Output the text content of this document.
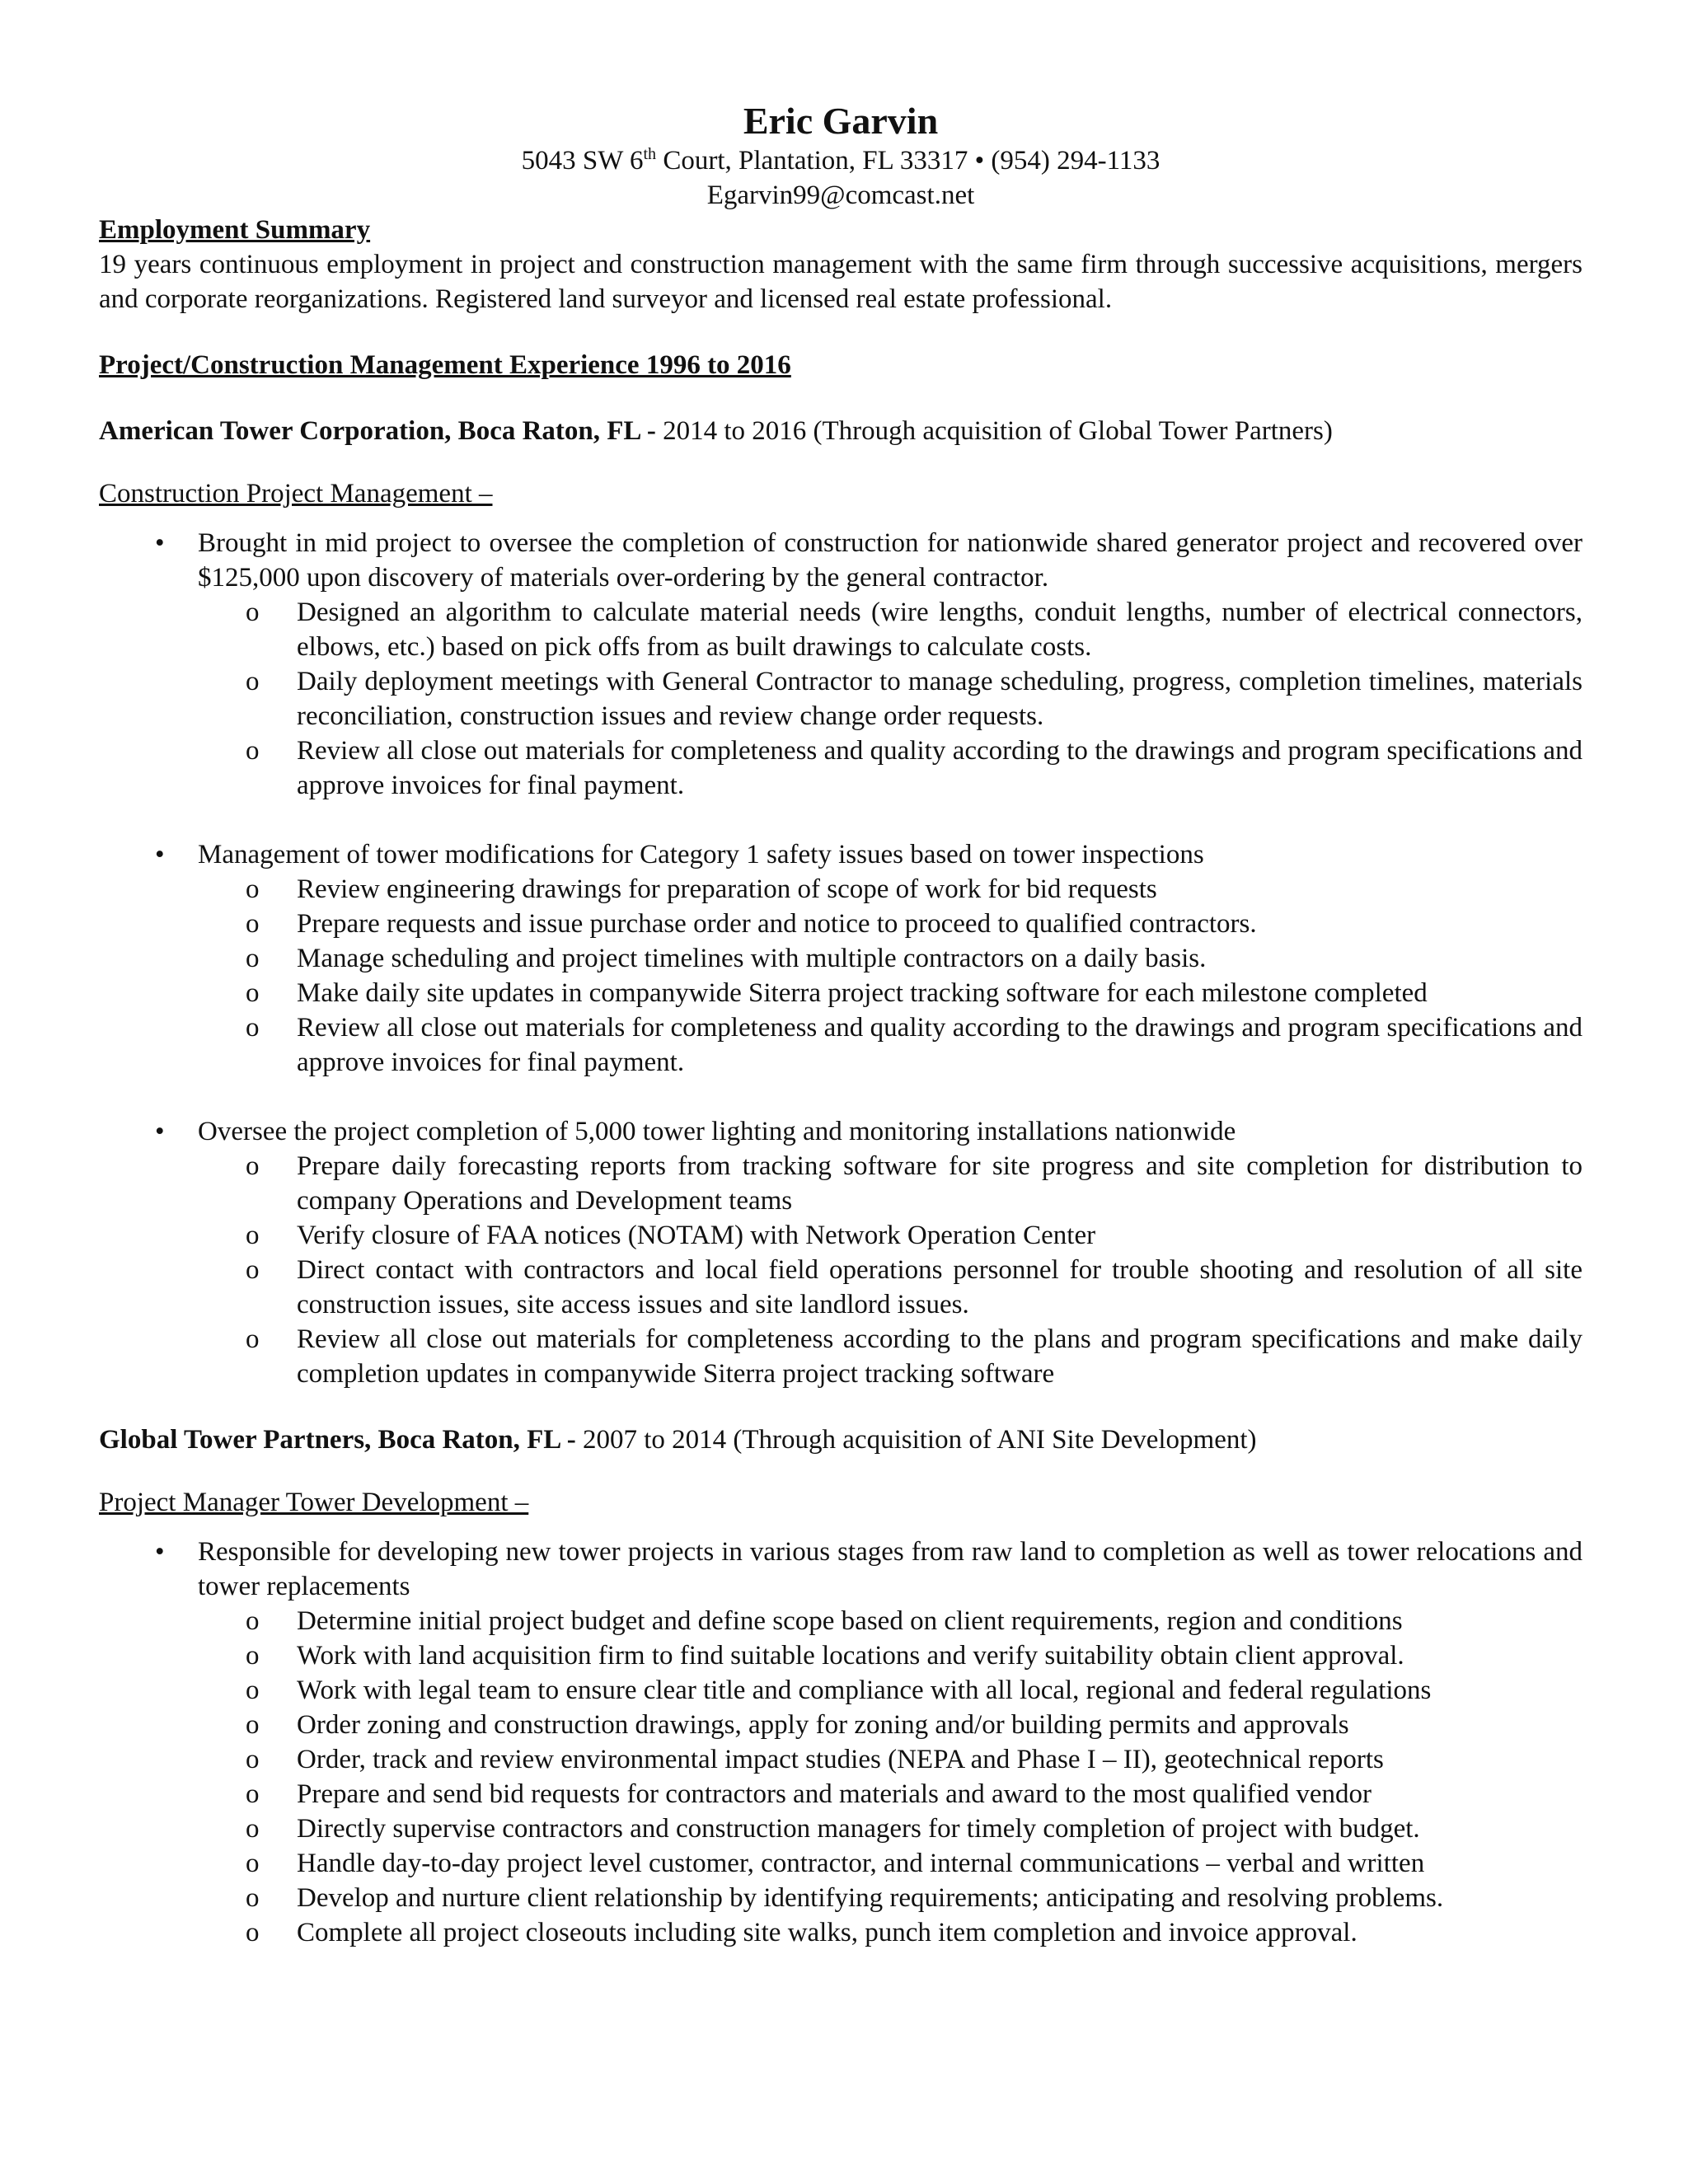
Eric Garvin
5043 SW 6th Court, Plantation, FL 33317 • (954) 294-1133
Egarvin99@comcast.net
Employment Summary
19 years continuous employment in project and construction management with the same firm through successive acquisitions, mergers and corporate reorganizations. Registered land surveyor and licensed real estate professional.
Project/Construction Management Experience 1996 to 2016
American Tower Corporation, Boca Raton, FL - 2014 to 2016 (Through acquisition of Global Tower Partners)
Construction Project Management –
• Brought in mid project to oversee the completion of construction for nationwide shared generator project and recovered over $125,000 upon discovery of materials over-ordering by the general contractor.
o Designed an algorithm to calculate material needs (wire lengths, conduit lengths, number of electrical connectors, elbows, etc.) based on pick offs from as built drawings to calculate costs.
o Daily deployment meetings with General Contractor to manage scheduling, progress, completion timelines, materials reconciliation, construction issues and review change order requests.
o Review all close out materials for completeness and quality according to the drawings and program specifications and approve invoices for final payment.
• Management of tower modifications for Category 1 safety issues based on tower inspections
o Review engineering drawings for preparation of scope of work for bid requests
o Prepare requests and issue purchase order and notice to proceed to qualified contractors.
o Manage scheduling and project timelines with multiple contractors on a daily basis.
o Make daily site updates in companywide Siterra project tracking software for each milestone completed
o Review all close out materials for completeness and quality according to the drawings and program specifications and approve invoices for final payment.
• Oversee the project completion of 5,000 tower lighting and monitoring installations nationwide
o Prepare daily forecasting reports from tracking software for site progress and site completion for distribution to company Operations and Development teams
o Verify closure of FAA notices (NOTAM) with Network Operation Center
o Direct contact with contractors and local field operations personnel for trouble shooting and resolution of all site construction issues, site access issues and site landlord issues.
o Review all close out materials for completeness according to the plans and program specifications and make daily completion updates in companywide Siterra project tracking software
Global Tower Partners, Boca Raton, FL - 2007 to 2014 (Through acquisition of ANI Site Development)
Project Manager Tower Development –
• Responsible for developing new tower projects in various stages from raw land to completion as well as tower relocations and tower replacements
o Determine initial project budget and define scope based on client requirements, region and conditions
o Work with land acquisition firm to find suitable locations and verify suitability obtain client approval.
o Work with legal team to ensure clear title and compliance with all local, regional and federal regulations
o Order zoning and construction drawings, apply for zoning and/or building permits and approvals
o Order, track and review environmental impact studies (NEPA and Phase I – II), geotechnical reports
o Prepare and send bid requests for contractors and materials and award to the most qualified vendor
o Directly supervise contractors and construction managers for timely completion of project with budget.
o Handle day-to-day project level customer, contractor, and internal communications – verbal and written
o Develop and nurture client relationship by identifying requirements; anticipating and resolving problems.
o Complete all project closeouts including site walks, punch item completion and invoice approval.
